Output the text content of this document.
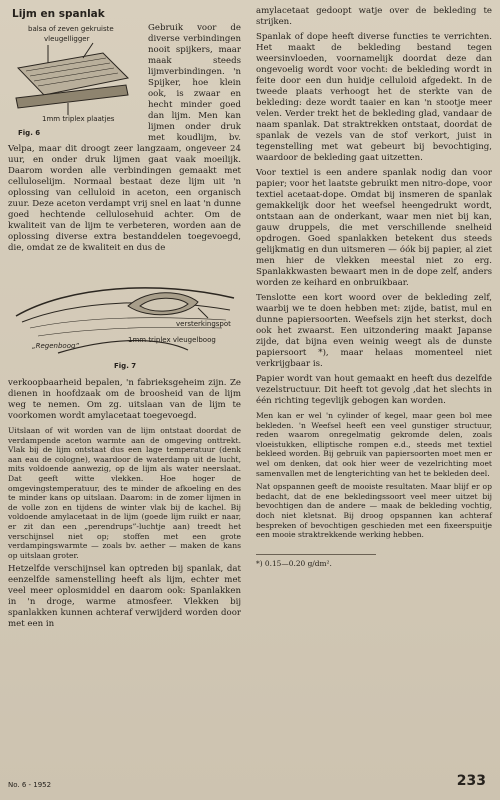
Lijm en spanlak
balsa of zeven gekruiste
vleugelligger
1mm triplex plaatjes
Fig. 6

Gebruik voor de diverse verbindingen nooit spijkers, maar maak steeds lijmverbindingen. 'n Spijker, hoe klein ook, is zwaar en hecht minder goed dan lijm. Men kan lijmen onder druk met koudlijm, bv. Velpa, maar dit droogt zeer langzaam, ongeveer 24 uur, en onder druk lijmen gaat vaak moeilijk. Daarom worden alle verbindingen gemaakt met celluloselijm. Normaal bestaat deze lijm uit 'n oplossing van celluloid in aceton, een organisch zuur. Deze aceton verdampt vrij snel en laat 'n dunne goed hechtende cellulosehuid achter. Om de kwaliteit van de lijm te verbeteren, worden aan de oplossing diverse extra bestanddelen toegevoegd, die, omdat ze de kwaliteit en dus de

versterkingspot
1mm triplex vleugelboog
„Regenboog”
Fig. 7

verkoopbaarheid bepalen, 'n fabrieksgeheim zijn. Ze dienen in hoofdzaak om de broosheid van de lijm weg te nemen. Om zg. uitslaan van de lijm te voorkomen wordt amylacetaat toegevoegd.

Uitslaan of wit worden van de lijm ontstaat doordat de verdampende aceton warmte aan de omgeving onttrekt. Vlak bij de lijm ontstaat dus een lage temperatuur (denk aan eau de cologne), waardoor de waterdamp uit de lucht, mits voldoende aanwezig, op de lijm als water neerslaat. Dat geeft witte vlekken. Hoe hoger de omgevingstemperatuur, des te minder de afkoeling en des te minder kans op uitslaan. Daarom: in de zomer lijmen in de volle zon en tijdens de winter vlak bij de kachel. Bij voldoende amylacetaat in de lijm (goede lijm ruikt er naar, er zit dan een „perendrups”-luchtje aan) treedt het verschijnsel niet op; stoffen met een grote verdampingswarmte — zoals bv. aether — maken de kans op uitslaan groter.

Hetzelfde verschijnsel kan optreden bij spanlak, dat eenzelfde samenstelling heeft als lijm, echter met veel meer oplosmiddel en daarom ook: Spanlakken in 'n droge, warme atmosfeer. Vlekken bij spanlakken kunnen achteraf verwijderd worden door met een in

amylacetaat gedoopt watje over de bekleding te strijken.

Spanlak of dope heeft diverse functies te verrichten. Het maakt de bekleding bestand tegen weersinvloeden, voornamelijk doordat deze dan ongevoelig wordt voor vocht: de bekleding wordt in feite door een dun huidje celluloid afgedekt. In de tweede plaats verhoogt het de sterkte van de bekleding: deze wordt taaier en kan 'n stootje meer velen. Verder trekt het de bekleding glad, vandaar de naam spanlak. Dat straktrekken ontstaat, doordat de spanlak de vezels van de stof verkort, juist in tegenstelling met wat gebeurt bij bevochtiging, waardoor de bekleding gaat uitzetten.

Voor textiel is een andere spanlak nodig dan voor papier; voor het laatste gebruikt men nitro-dope, voor textiel acetaat-dope. Omdat bij insmeren de spanlak gemakkelijk door het weefsel heengedrukt wordt, ontstaan aan de onderkant, waar men niet bij kan, gauw druppels, die met verschillende snelheid opdrogen. Goed spanlakken betekent dus steeds gelijkmatig en dun uitsmeren — óók bij papier, al ziet men hier de vlekken meestal niet zo erg. Spanlakkwasten bewaart men in de dope zelf, anders worden ze keihard en onbruikbaar.

Tenslotte een kort woord over de bekleding zelf, waarbij we te doen hebben met: zijde, batist, mul en dunne papiersoorten. Weefsels zijn het sterkst, doch ook het zwaarst. Een uitzondering maakt Japanse zijde, dat bijna even weinig weegt als de dunste papiersoort *), maar helaas momenteel niet verkrijgbaar is.

Papier wordt van hout gemaakt en heeft dus dezelfde vezelstructuur. Dit heeft tot gevolg ,dat het slechts in één richting tegevlijk gebogen kan worden.

Men kan er wel 'n cylinder of kegel, maar geen bol mee bekleden. 'n Weefsel heeft een veel gunstiger structuur, reden waarom onregelmatig gekromde delen, zoals vloeistukken, elliptische rompen e.d., steeds met textiel bekleed worden. Bij gebruik van papiersoorten moet men er wel om denken, dat ook hier weer de vezelrichting moet samenvallen met de lengterichting van het te bekleden deel.

Nat opspannen geeft de mooiste resultaten. Maar blijf er op bedacht, dat de ene bekledingssoort veel meer uitzet bij bevochtigen dan de andere — maak de bekleding vochtig, doch niet kletsnat. Bij droog opspannen kan achteraf bespreken of bevochtigen geschieden met een fixeerspuitje een mooie straktrekkende werking hebben.

*) 0.15—0.20 g/dm².
No. 6 - 1952	233
